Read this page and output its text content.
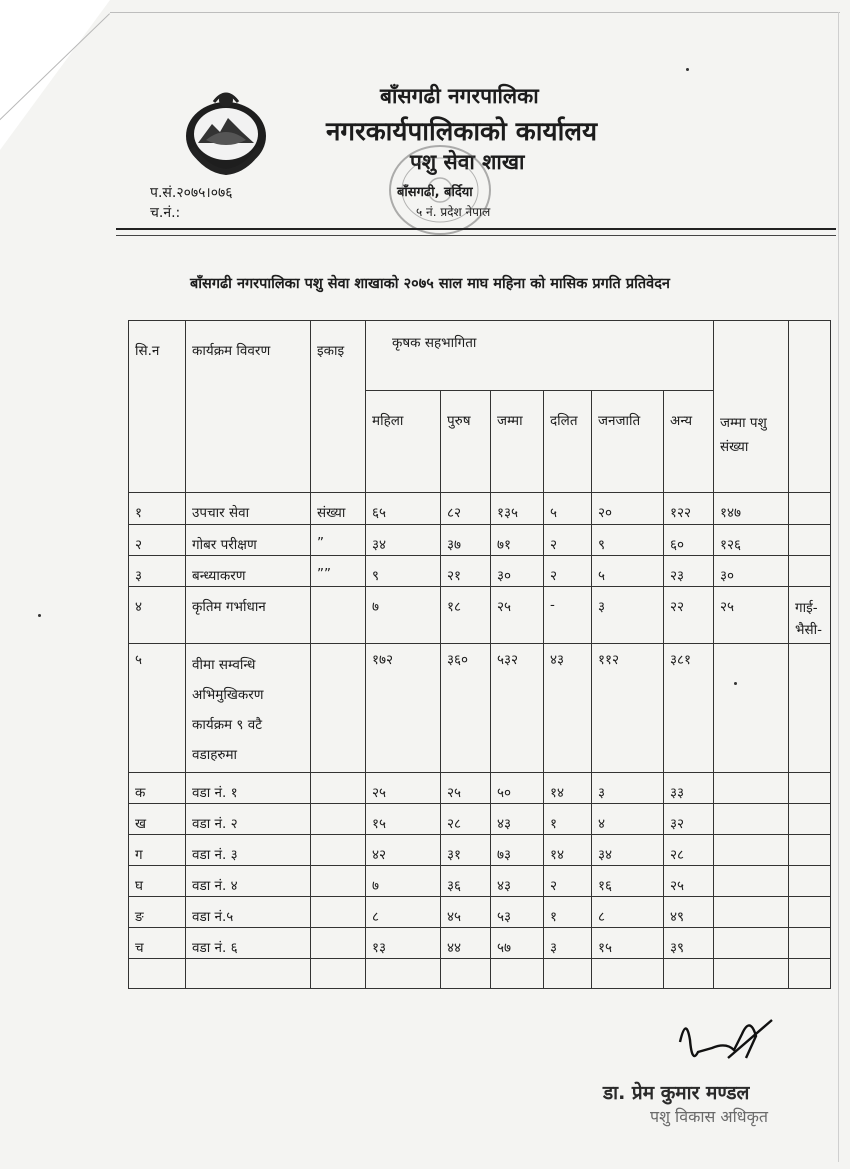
बाँसगढी नगरपालिका
नगरकार्यपालिकाको कार्यालय
पशु सेवा शाखा
बाँसगढी, बर्दिया
५ नं. प्रदेश नेपाल
प.सं.२०७५।०७६
च.नं.:
बाँसगढी नगरपालिका पशु सेवा शाखाको २०७५ साल माघ महिना को मासिक प्रगति प्रतिवेदन
सि.न	कार्यक्रम विवरण	इकाइ	कृषक सहभागिता							
			महिला	पुरुष	जम्मा	दलित	जनजाति	अन्य	जम्मा पशु संख्या	
१	उपचार सेवा	संख्या	६५	८२	१३५	५	२०	१२२	१४७	
२	गोबर परीक्षण	”	३४	३७	७१	२	९	६०	१२६	
३	बन्ध्याकरण	””	९	२१	३०	२	५	२३	३०	
४	कृतिम गर्भाधान		७	१८	२५	-	३	२२	२५	गाई- भैसी-
५	वीमा सम्वन्धि अभिमुखिकरण कार्यक्रम ९ वटै वडाहरुमा		१७२	३६०	५३२	४३	११२	३८१		
क	वडा नं. १		२५	२५	५०	१४	३	३३		
ख	वडा नं. २		१५	२८	४३	१	४	३२		
ग	वडा नं. ३		४२	३१	७३	१४	३४	२८		
घ	वडा नं. ४		७	३६	४३	२	१६	२५		
ङ	वडा नं.५		८	४५	५३	१	८	४९		
च	वडा नं. ६		१३	४४	५७	३	१५	३९		

डा. प्रेम कुमार मण्डल
पशु विकास अधिकृत
